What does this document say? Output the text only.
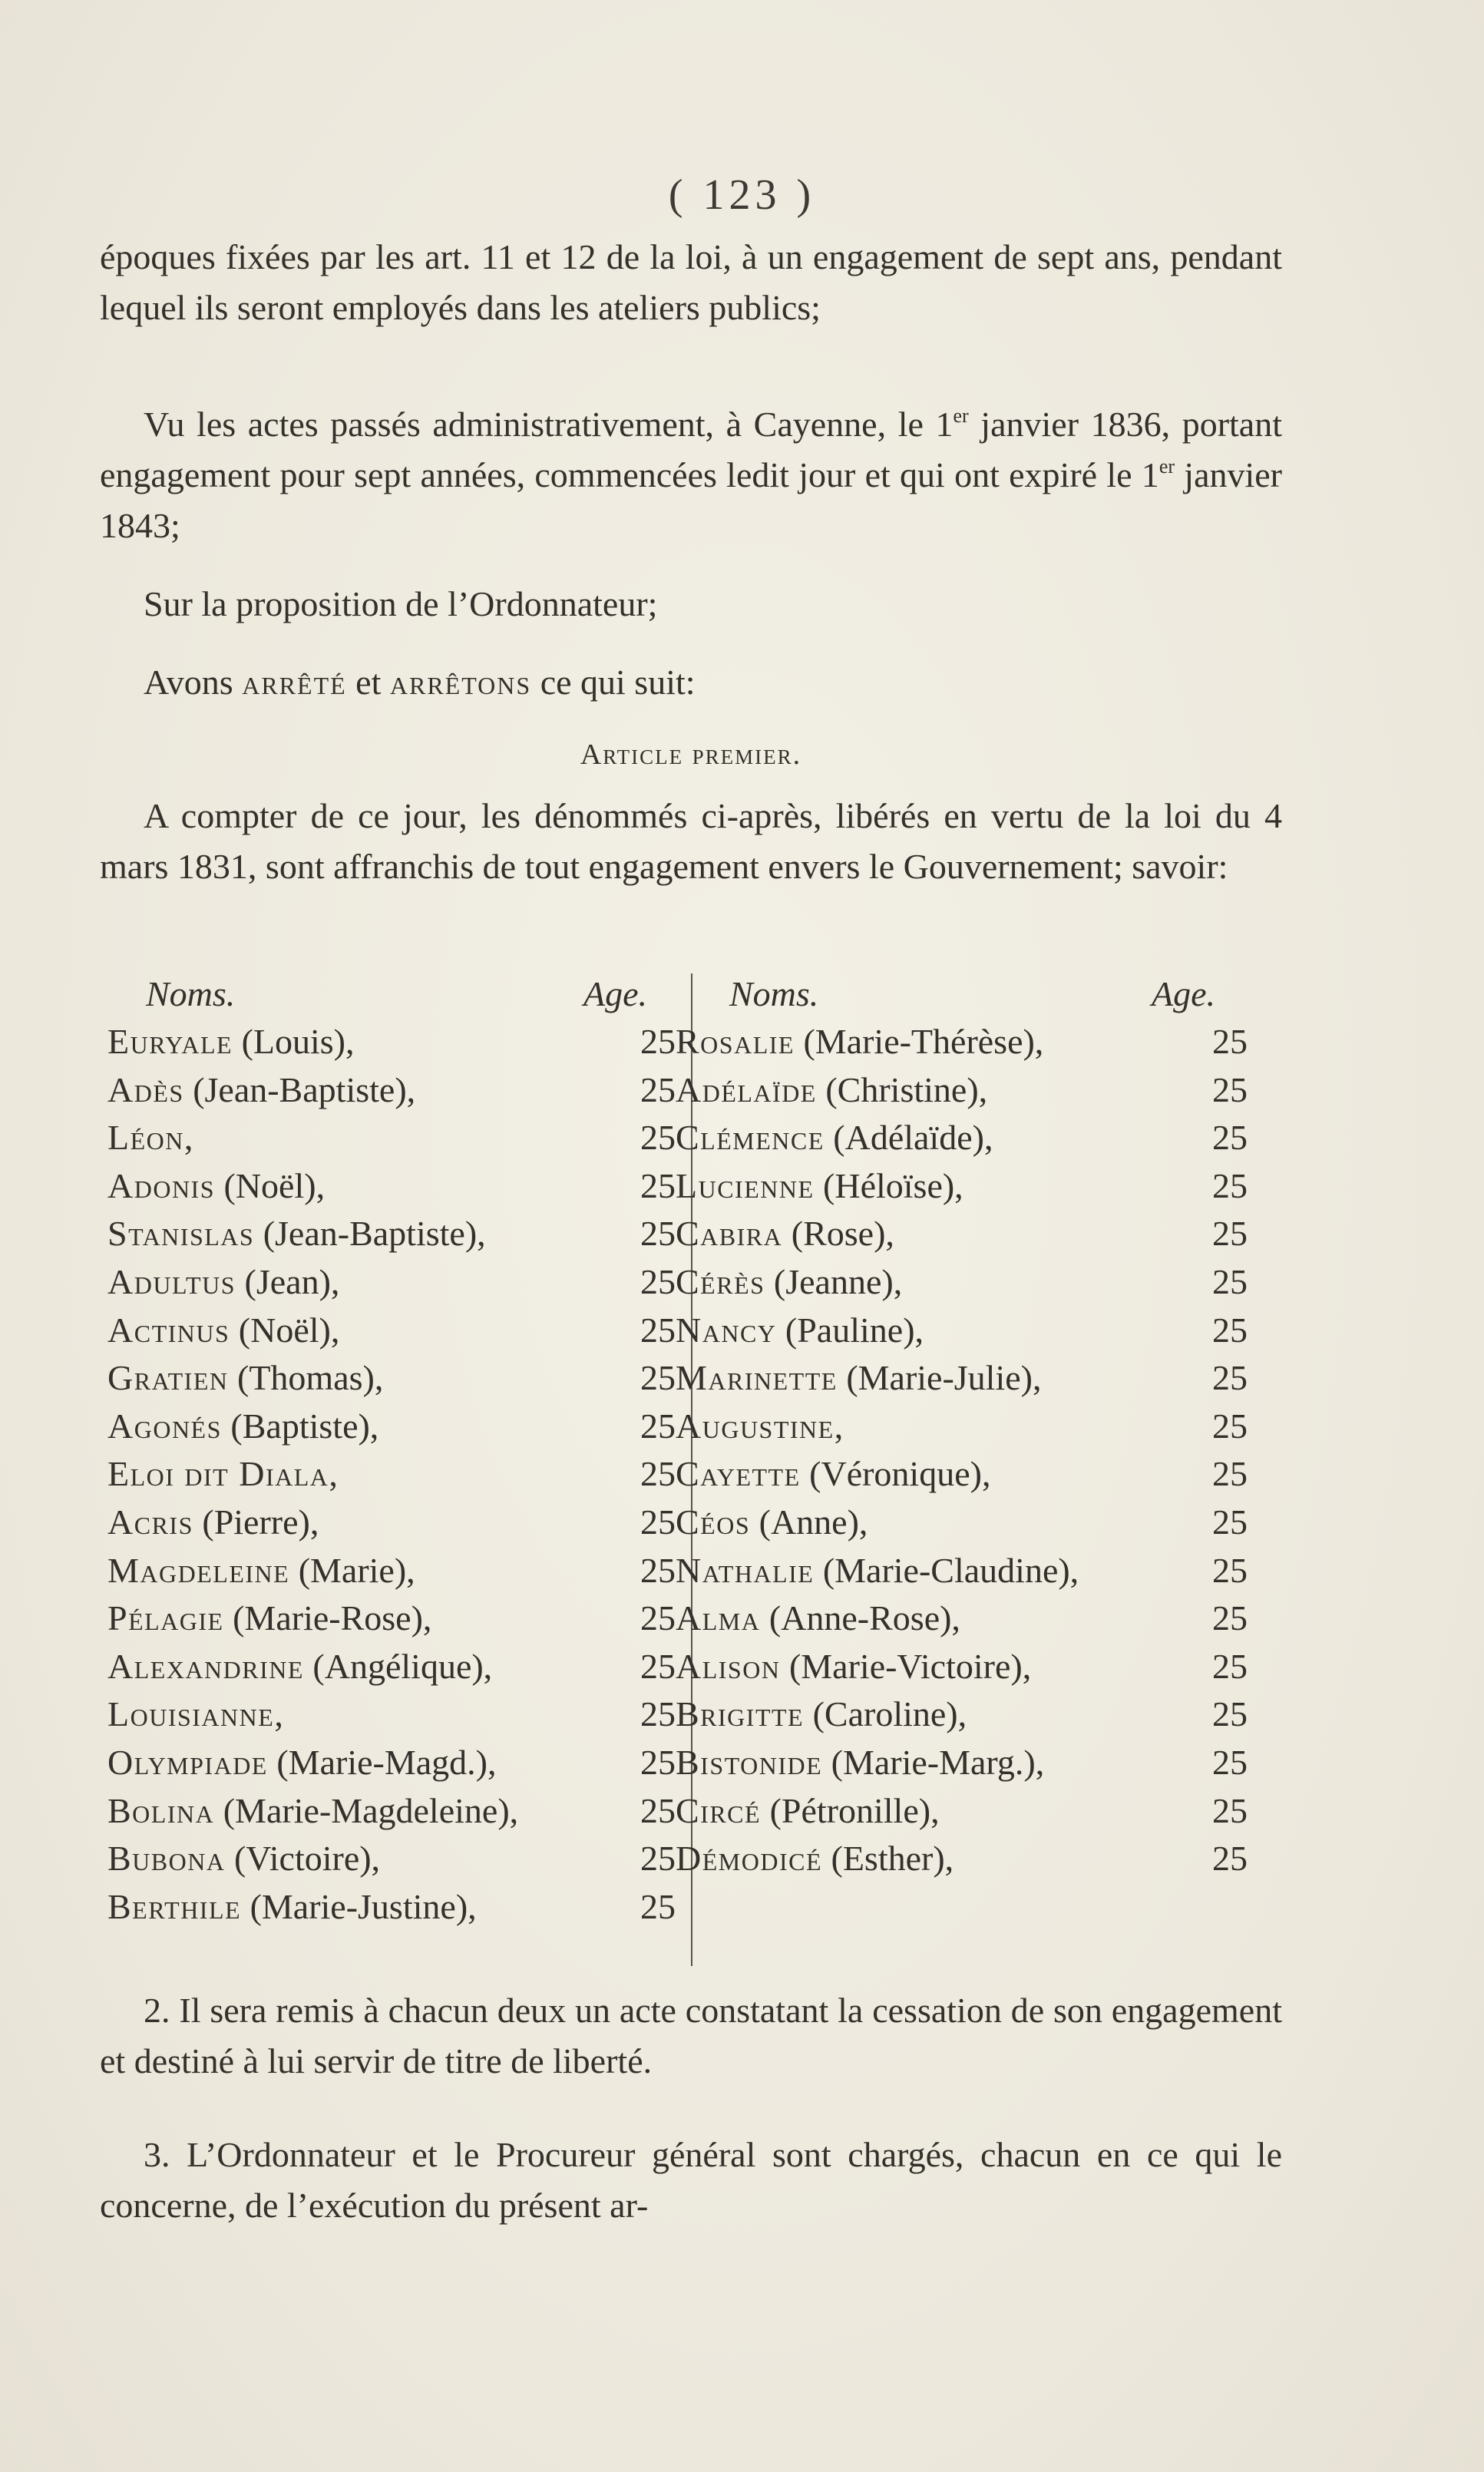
( 123 )

époques fixées par les art. 11 et 12 de la loi, à un engagement de sept ans, pendant lequel ils seront employés dans les ateliers publics;

Vu les actes passés administrativement, à Cayenne, le 1er janvier 1836, portant engagement pour sept années, commencées ledit jour et qui ont expiré le 1er janvier 1843;

Sur la proposition de l’Ordonnateur;

Avons arrêté et arrêtons ce qui suit:

Article premier.

A compter de ce jour, les dénommés ci-après, libérés en vertu de la loi du 4 mars 1831, sont affranchis de tout engagement envers le Gouvernement; savoir:

Noms.	Age. Noms.	Age.
Euryale (Louis),	25
Adès (Jean-Baptiste),	25
Léon,	25
Adonis (Noël),	25
Stanislas (Jean-Baptiste),	25
Adultus (Jean),	25
Actinus (Noël),	25
Gratien (Thomas),	25
Agonés (Baptiste),	25
Eloi dit Diala,	25
Acris (Pierre),	25
Magdeleine (Marie),	25
Pélagie (Marie-Rose),	25
Alexandrine (Angélique),	25
Louisianne,	25
Olympiade (Marie-Magd.),	25
Bolina (Marie-Magdeleine),	25
Bubona (Victoire),	25
Berthile (Marie-Justine),	25
Rosalie (Marie-Thérèse),	25
Adélaïde (Christine),	25
Clémence (Adélaïde),	25
Lucienne (Héloïse),	25
Cabira (Rose),	25
Cérès (Jeanne),	25
Nancy (Pauline),	25
Marinette (Marie-Julie),	25
Augustine,	25
Cayette (Véronique),	25
Céos (Anne),	25
Nathalie (Marie-Claudine),	25
Alma (Anne-Rose),	25
Alison (Marie-Victoire),	25
Brigitte (Caroline),	25
Bistonide (Marie-Marg.),	25
Circé (Pétronille),	25
Démodicé (Esther),	25

2. Il sera remis à chacun deux un acte constatant la cessation de son engagement et destiné à lui servir de titre de liberté.

3. L’Ordonnateur et le Procureur général sont chargés, chacun en ce qui le concerne, de l’exécution du présent ar-
